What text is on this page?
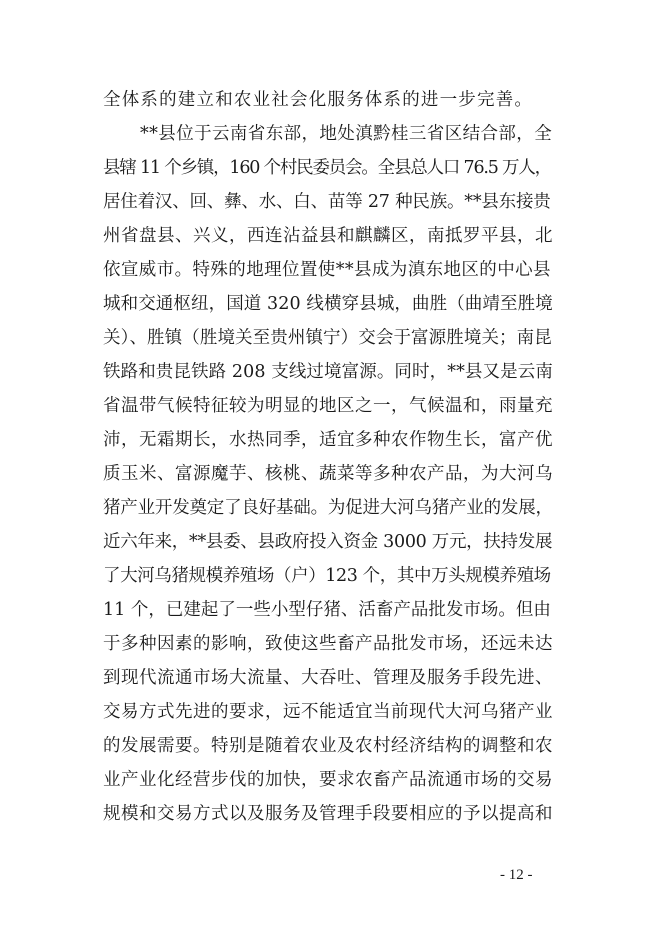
全体系的建立和农业社会化服务体系的进一步完善。
**县位于云南省东部，地处滇黔桂三省区结合部，全
县辖 11 个乡镇，160 个村民委员会。全县总人口 76.5 万人，
居住着汉、回、彝、水、白、苗等 27 种民族。**县东接贵
州省盘县、兴义，西连沾益县和麒麟区，南抵罗平县，北
依宣威市。特殊的地理位置使**县成为滇东地区的中心县
城和交通枢纽，国道 320 线横穿县城，曲胜（曲靖至胜境
关）、胜镇（胜境关至贵州镇宁）交会于富源胜境关；南昆
铁路和贵昆铁路 208 支线过境富源。同时，**县又是云南
省温带气候特征较为明显的地区之一，气候温和，雨量充
沛，无霜期长，水热同季，适宜多种农作物生长，富产优
质玉米、富源魔芋、核桃、蔬菜等多种农产品，为大河乌
猪产业开发奠定了良好基础。为促进大河乌猪产业的发展，
近六年来，**县委、县政府投入资金 3000 万元，扶持发展
了大河乌猪规模养殖场（户）123 个，其中万头规模养殖场
11 个，已建起了一些小型仔猪、活畜产品批发市场。但由
于多种因素的影响，致使这些畜产品批发市场，还远未达
到现代流通市场大流量、大吞吐、管理及服务手段先进、
交易方式先进的要求，远不能适宜当前现代大河乌猪产业
的发展需要。特别是随着农业及农村经济结构的调整和农
业产业化经营步伐的加快，要求农畜产品流通市场的交易
规模和交易方式以及服务及管理手段要相应的予以提高和
- 12 -
